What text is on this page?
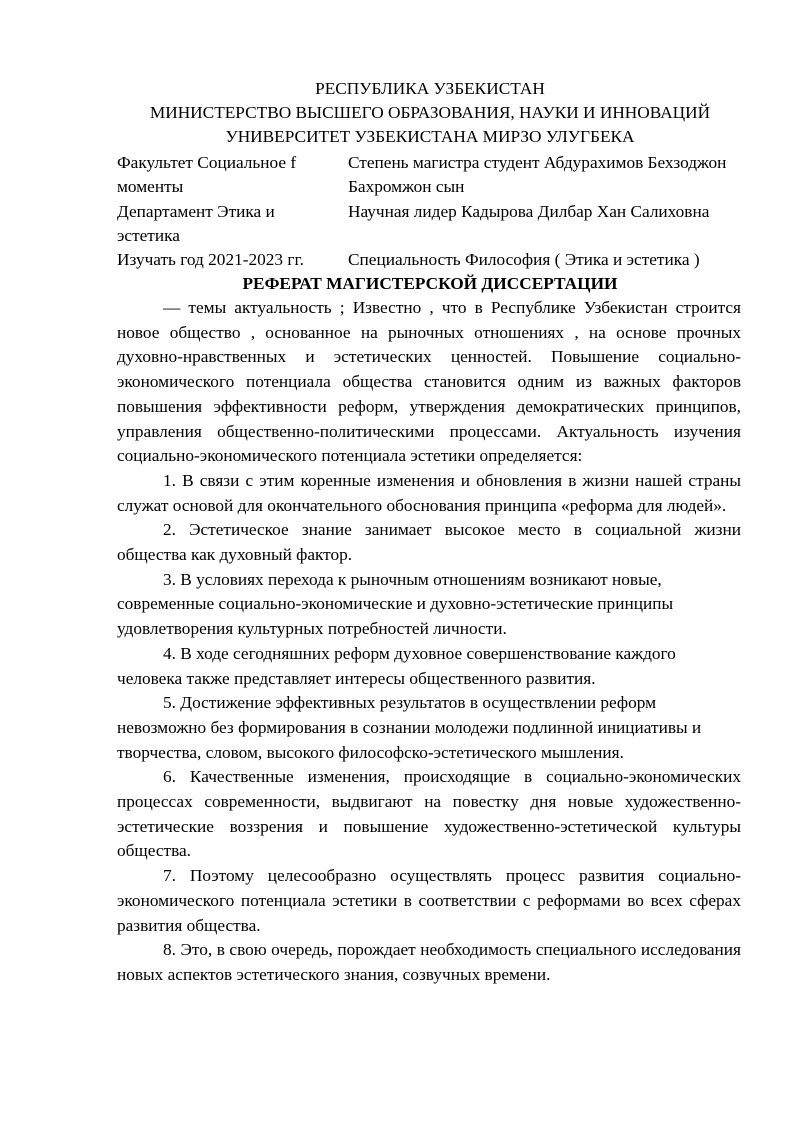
РЕСПУБЛИКА УЗБЕКИСТАН
МИНИСТЕРСТВО ВЫСШЕГО ОБРАЗОВАНИЯ, НАУКИ И ИННОВАЦИЙ
УНИВЕРСИТЕТ УЗБЕКИСТАНА МИРЗО УЛУГБЕКА
Факультет Социальное f моменты
Степень магистра студент Абдурахимов Бехзоджон Бахромжон сын
Департамент Этика и эстетика
Научная лидер Кадырова Дилбар Хан Салиховна
Изучать год 2021-2023 гг.	Специальность Философия ( Этика и эстетика )
РЕФЕРАТ МАГИСТЕРСКОЙ ДИССЕРТАЦИИ

— темы актуальность ; Известно , что в Республике Узбекистан строится новое общество , основанное на рыночных отношениях , на основе прочных духовно-нравственных и эстетических ценностей. Повышение социально-экономического потенциала общества становится одним из важных факторов повышения эффективности реформ, утверждения демократических принципов, управления общественно-политическими процессами. Актуальность изучения социально-экономического потенциала эстетики определяется:

1. В связи с этим коренные изменения и обновления в жизни нашей страны служат основой для окончательного обоснования принципа «реформа для людей».

2. Эстетическое знание занимает высокое место в социальной жизни общества как духовный фактор.

3. В условиях перехода к рыночным отношениям возникают новые, современные социально-экономические и духовно-эстетические принципы удовлетворения культурных потребностей личности.

4. В ходе сегодняшних реформ духовное совершенствование каждого человека также представляет интересы общественного развития.

5. Достижение эффективных результатов в осуществлении реформ невозможно без формирования в сознании молодежи подлинной инициативы и творчества, словом, высокого философско-эстетического мышления.

6. Качественные изменения, происходящие в социально-экономических процессах современности, выдвигают на повестку дня новые художественно-эстетические воззрения и повышение художественно-эстетической культуры общества.

7. Поэтому целесообразно осуществлять процесс развития социально-экономического потенциала эстетики в соответствии с реформами во всех сферах развития общества.

8. Это, в свою очередь, порождает необходимость специального исследования новых аспектов эстетического знания, созвучных времени.
